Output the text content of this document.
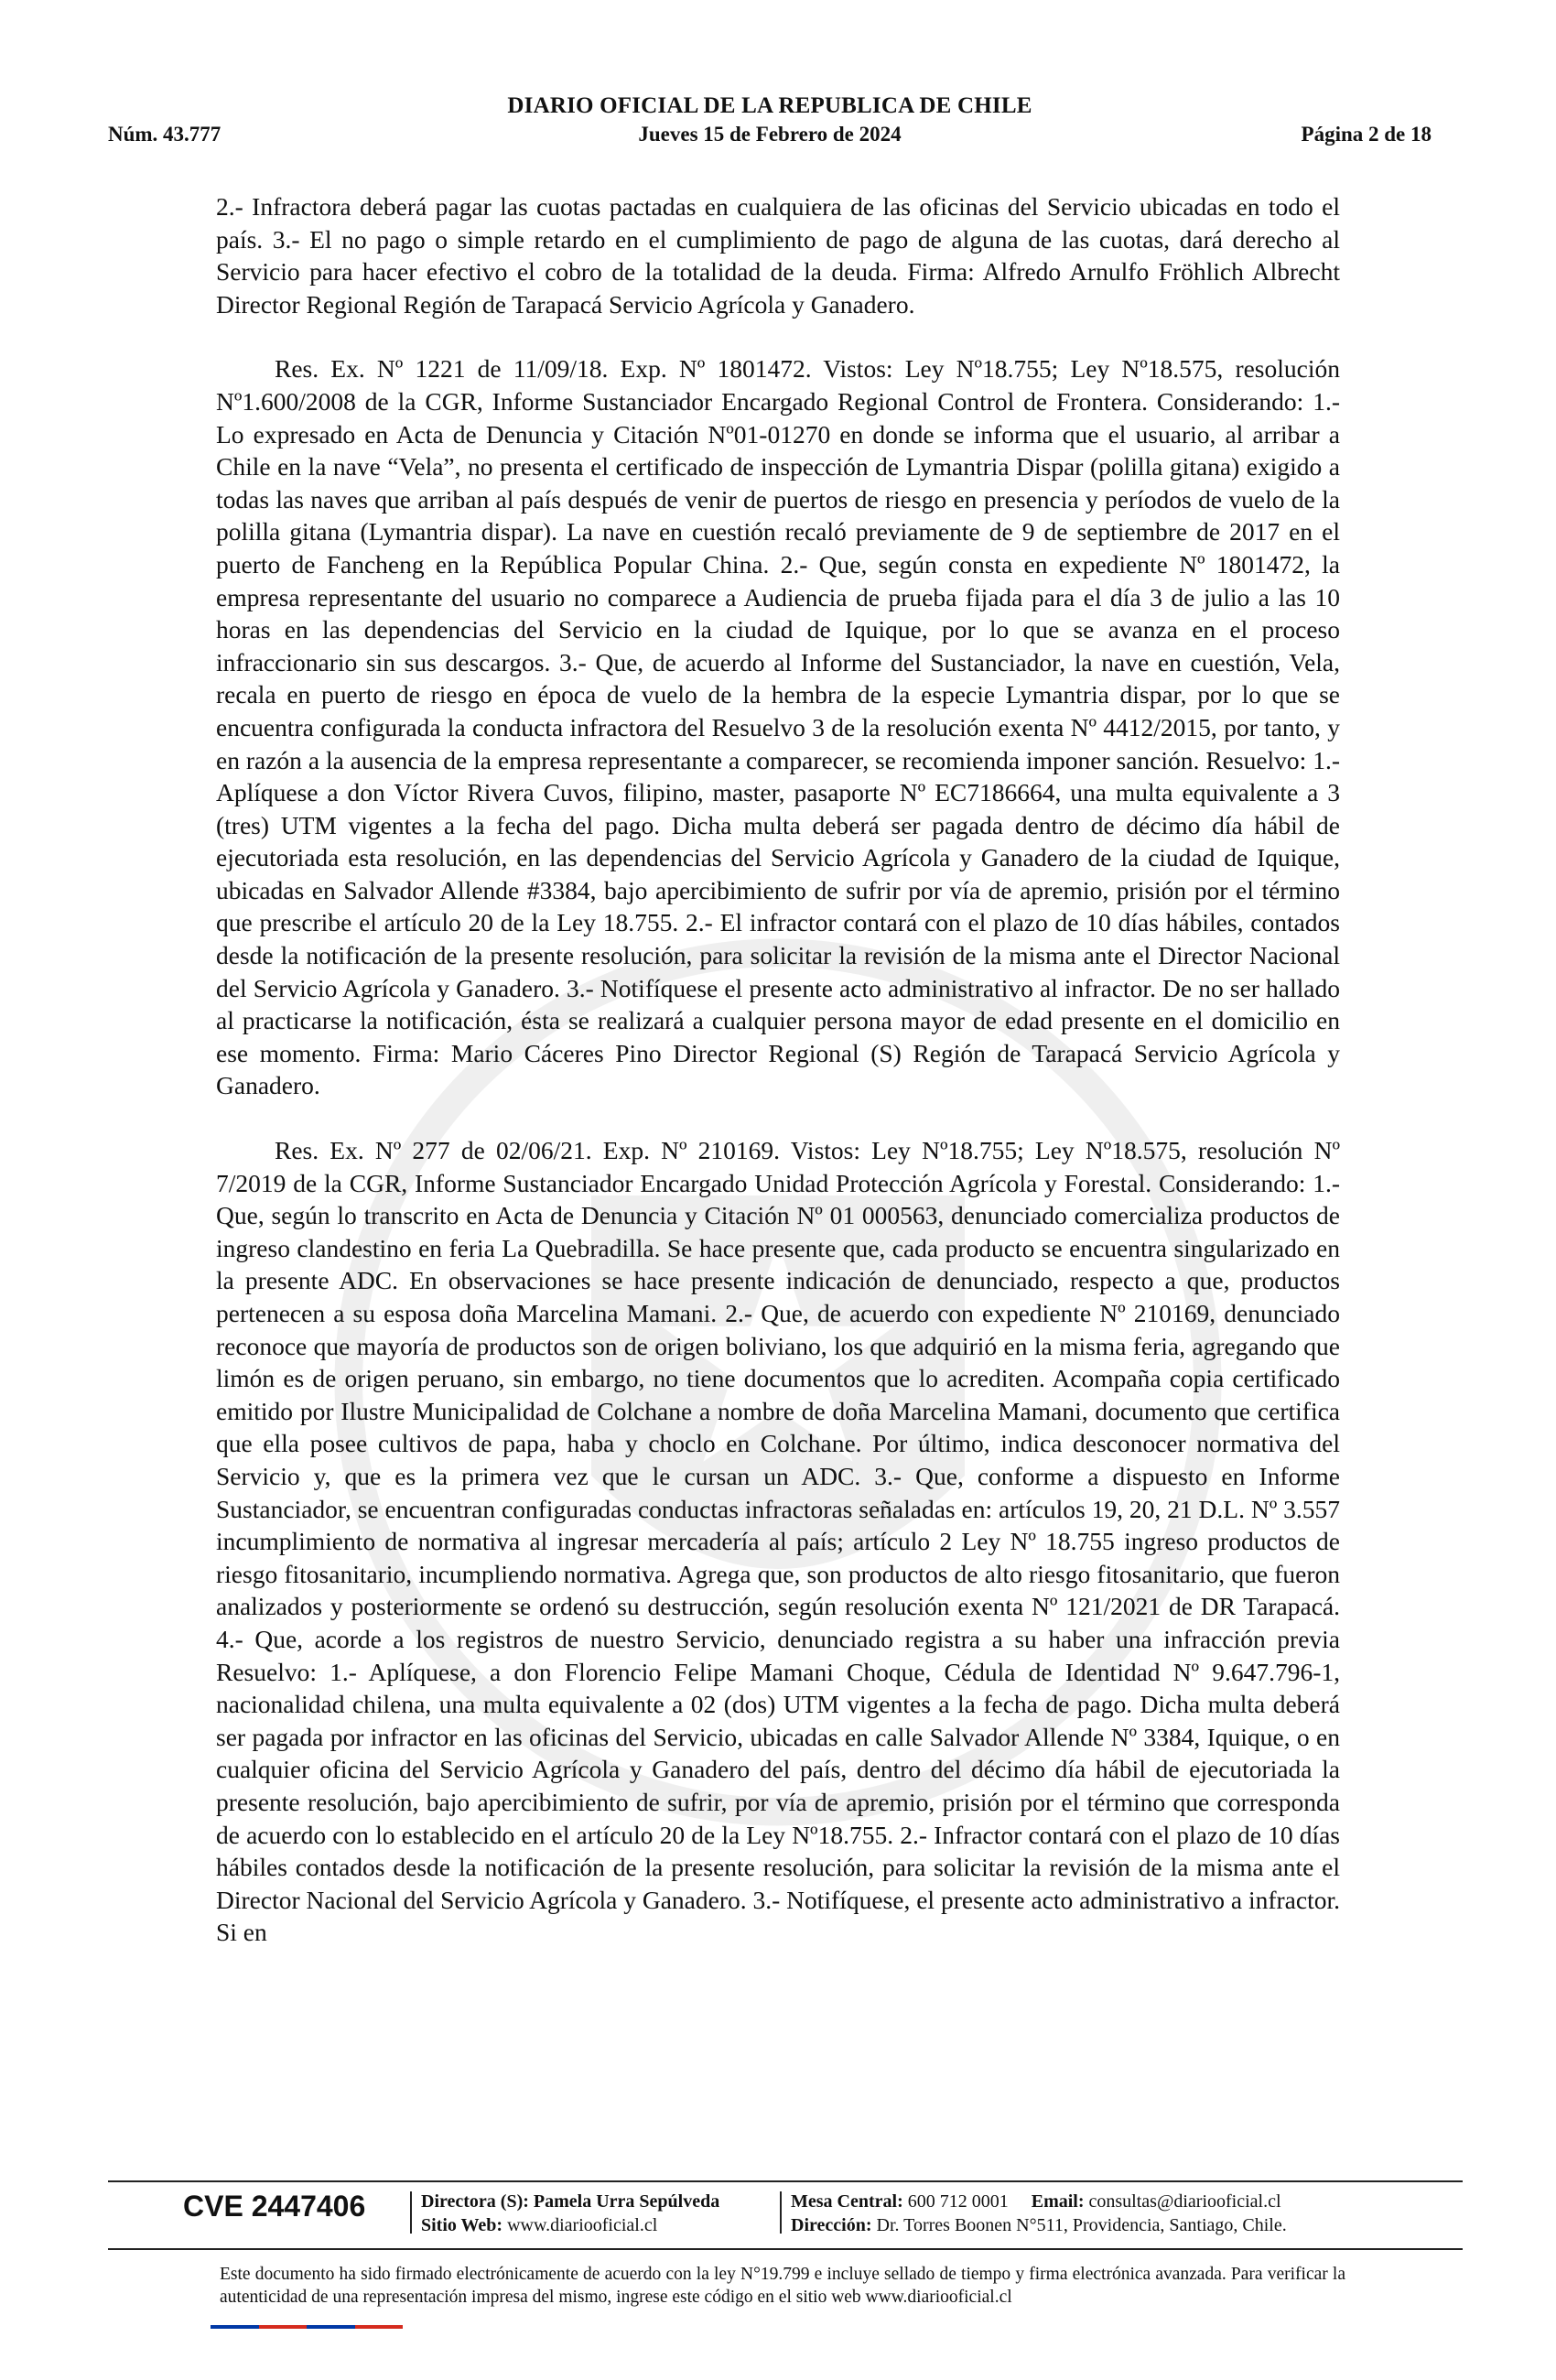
DIARIO OFICIAL DE LA REPUBLICA DE CHILE
Núm. 43.777	Jueves 15 de Febrero de 2024	Página 2 de 18

2.- Infractora deberá pagar las cuotas pactadas en cualquiera de las oficinas del Servicio ubicadas en todo el país. 3.- El no pago o simple retardo en el cumplimiento de pago de alguna de las cuotas, dará derecho al Servicio para hacer efectivo el cobro de la totalidad de la deuda. Firma: Alfredo Arnulfo Fröhlich Albrecht Director Regional Región de Tarapacá Servicio Agrícola y Ganadero.

Res. Ex. Nº 1221 de 11/09/18. Exp. Nº 1801472. Vistos: Ley Nº18.755; Ley Nº18.575, resolución Nº1.600/2008 de la CGR, Informe Sustanciador Encargado Regional Control de Frontera. Considerando: 1.- Lo expresado en Acta de Denuncia y Citación Nº01-01270 en donde se informa que el usuario, al arribar a Chile en la nave “Vela”, no presenta el certificado de inspección de Lymantria Dispar (polilla gitana) exigido a todas las naves que arriban al país después de venir de puertos de riesgo en presencia y períodos de vuelo de la polilla gitana (Lymantria dispar). La nave en cuestión recaló previamente de 9 de septiembre de 2017 en el puerto de Fancheng en la República Popular China. 2.- Que, según consta en expediente Nº 1801472, la empresa representante del usuario no comparece a Audiencia de prueba fijada para el día 3 de julio a las 10 horas en las dependencias del Servicio en la ciudad de Iquique, por lo que se avanza en el proceso infraccionario sin sus descargos. 3.- Que, de acuerdo al Informe del Sustanciador, la nave en cuestión, Vela, recala en puerto de riesgo en época de vuelo de la hembra de la especie Lymantria dispar, por lo que se encuentra configurada la conducta infractora del Resuelvo 3 de la resolución exenta Nº 4412/2015, por tanto, y en razón a la ausencia de la empresa representante a comparecer, se recomienda imponer sanción. Resuelvo: 1.- Aplíquese a don Víctor Rivera Cuvos, filipino, master, pasaporte Nº EC7186664, una multa equivalente a 3 (tres) UTM vigentes a la fecha del pago. Dicha multa deberá ser pagada dentro de décimo día hábil de ejecutoriada esta resolución, en las dependencias del Servicio Agrícola y Ganadero de la ciudad de Iquique, ubicadas en Salvador Allende #3384, bajo apercibimiento de sufrir por vía de apremio, prisión por el término que prescribe el artículo 20 de la Ley 18.755. 2.- El infractor contará con el plazo de 10 días hábiles, contados desde la notificación de la presente resolución, para solicitar la revisión de la misma ante el Director Nacional del Servicio Agrícola y Ganadero. 3.- Notifíquese el presente acto administrativo al infractor. De no ser hallado al practicarse la notificación, ésta se realizará a cualquier persona mayor de edad presente en el domicilio en ese momento. Firma: Mario Cáceres Pino Director Regional (S) Región de Tarapacá Servicio Agrícola y Ganadero.

Res. Ex. Nº 277 de 02/06/21. Exp. Nº 210169. Vistos: Ley Nº18.755; Ley Nº18.575, resolución Nº 7/2019 de la CGR, Informe Sustanciador Encargado Unidad Protección Agrícola y Forestal. Considerando: 1.- Que, según lo transcrito en Acta de Denuncia y Citación Nº 01 000563, denunciado comercializa productos de ingreso clandestino en feria La Quebradilla. Se hace presente que, cada producto se encuentra singularizado en la presente ADC. En observaciones se hace presente indicación de denunciado, respecto a que, productos pertenecen a su esposa doña Marcelina Mamani. 2.- Que, de acuerdo con expediente Nº 210169, denunciado reconoce que mayoría de productos son de origen boliviano, los que adquirió en la misma feria, agregando que limón es de origen peruano, sin embargo, no tiene documentos que lo acrediten. Acompaña copia certificado emitido por Ilustre Municipalidad de Colchane a nombre de doña Marcelina Mamani, documento que certifica que ella posee cultivos de papa, haba y choclo en Colchane. Por último, indica desconocer normativa del Servicio y, que es la primera vez que le cursan un ADC. 3.- Que, conforme a dispuesto en Informe Sustanciador, se encuentran configuradas conductas infractoras señaladas en: artículos 19, 20, 21 D.L. Nº 3.557 incumplimiento de normativa al ingresar mercadería al país; artículo 2 Ley Nº 18.755 ingreso productos de riesgo fitosanitario, incumpliendo normativa. Agrega que, son productos de alto riesgo fitosanitario, que fueron analizados y posteriormente se ordenó su destrucción, según resolución exenta Nº 121/2021 de DR Tarapacá. 4.- Que, acorde a los registros de nuestro Servicio, denunciado registra a su haber una infracción previa Resuelvo: 1.- Aplíquese, a don Florencio Felipe Mamani Choque, Cédula de Identidad Nº 9.647.796-1, nacionalidad chilena, una multa equivalente a 02 (dos) UTM vigentes a la fecha de pago. Dicha multa deberá ser pagada por infractor en las oficinas del Servicio, ubicadas en calle Salvador Allende Nº 3384, Iquique, o en cualquier oficina del Servicio Agrícola y Ganadero del país, dentro del décimo día hábil de ejecutoriada la presente resolución, bajo apercibimiento de sufrir, por vía de apremio, prisión por el término que corresponda de acuerdo con lo establecido en el artículo 20 de la Ley Nº18.755. 2.- Infractor contará con el plazo de 10 días hábiles contados desde la notificación de la presente resolución, para solicitar la revisión de la misma ante el Director Nacional del Servicio Agrícola y Ganadero. 3.- Notifíquese, el presente acto administrativo a infractor. Si en

CVE 2447406	Directora (S): Pamela Urra Sepúlveda
Sitio Web: www.diariooficial.cl
Mesa Central: 600 712 0001 Email: consultas@diariooficial.cl
Dirección: Dr. Torres Boonen N°511, Providencia, Santiago, Chile.
Este documento ha sido firmado electrónicamente de acuerdo con la ley N°19.799 e incluye sellado de tiempo y firma electrónica avanzada. Para verificar la autenticidad de una representación impresa del mismo, ingrese este código en el sitio web www.diariooficial.cl
